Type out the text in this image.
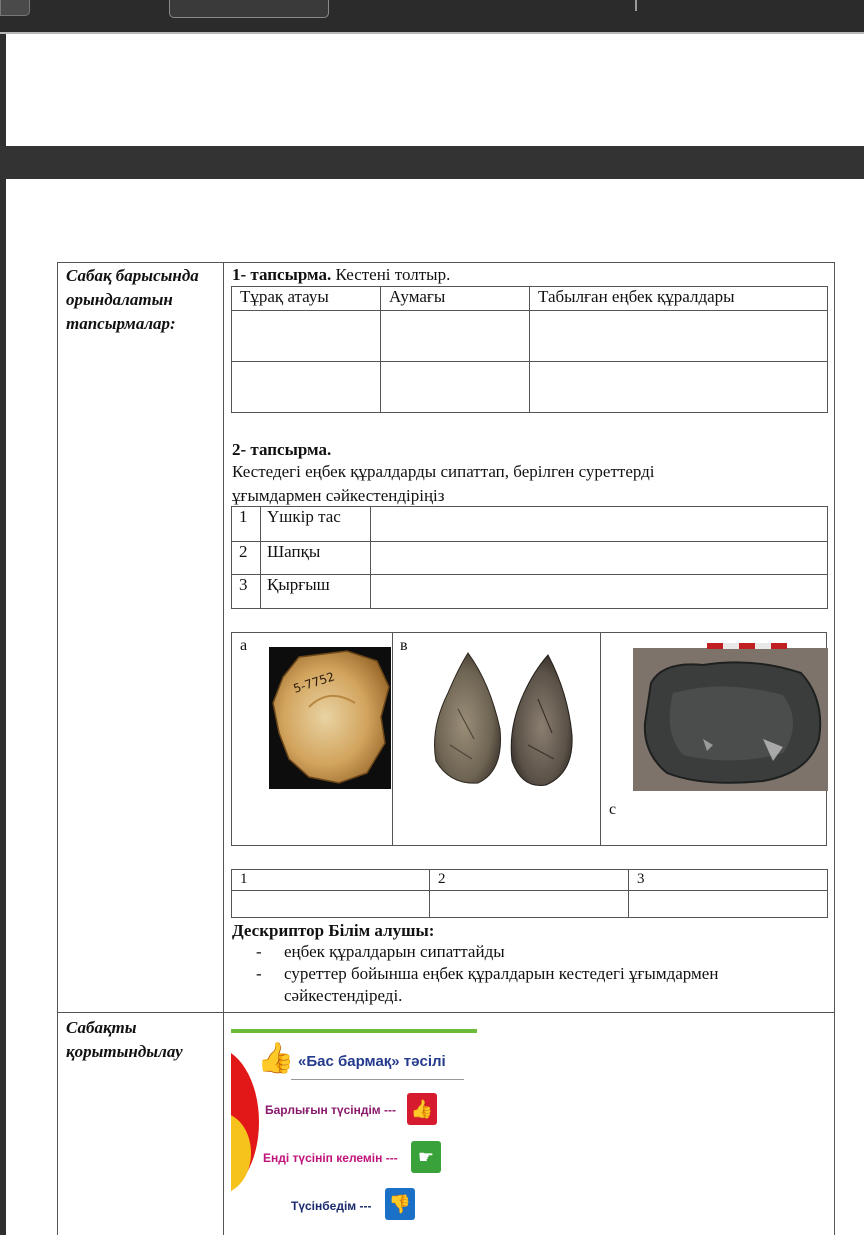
Сабақ барысында орындалатын тапсырмалар:
Сабақты қорытындылау
1- тапсырма. Кестені толтыр.
Тұрақ атауы	Аумағы	Табылған еңбек құралдары

2- тапсырма.
Кестедегі еңбек құралдарды сипаттап, берілген суреттерді
ұғымдармен сәйкестендіріңіз
1	Үшкір тас	
2	Шапқы	
3	Қырғыш	
а	в
с
5-7752
1	2	3

Дескриптор Білім алушы:
- еңбек құралдарын сипаттайды
- суреттер бойынша еңбек құралдарын кестедегі ұғымдармен
сәйкестендіреді.
👍 «Бас бармақ» тәсілі
Барлығын түсіндім --- 👍
Енді түсініп келемін ---	☛
Түсінбедім --- 👎
